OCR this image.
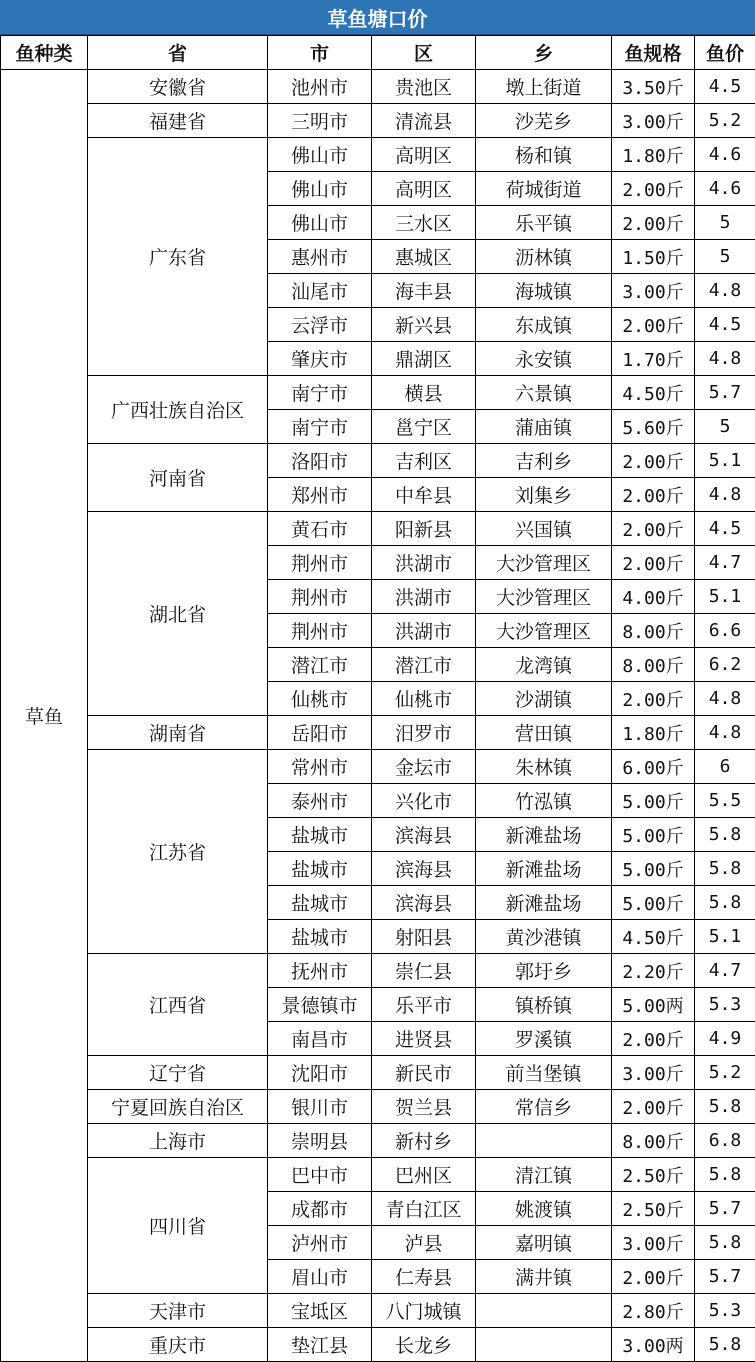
草鱼塘口价
鱼种类	省	市	区	乡	鱼规格	鱼价
草鱼	安徽省	池州市	贵池区	墩上街道	3.50斤	4.5
	福建省	三明市	清流县	沙芜乡	3.00斤	5.2
	广东省	佛山市	高明区	杨和镇	1.80斤	4.6
		佛山市	高明区	荷城街道	2.00斤	4.6
		佛山市	三水区	乐平镇	2.00斤	5
		惠州市	惠城区	沥林镇	1.50斤	5
		汕尾市	海丰县	海城镇	3.00斤	4.8
		云浮市	新兴县	东成镇	2.00斤	4.5
		肇庆市	鼎湖区	永安镇	1.70斤	4.8
	广西壮族自治区	南宁市	横县	六景镇	4.50斤	5.7
		南宁市	邕宁区	蒲庙镇	5.60斤	5
	河南省	洛阳市	吉利区	吉利乡	2.00斤	5.1
		郑州市	中牟县	刘集乡	2.00斤	4.8
	湖北省	黄石市	阳新县	兴国镇	2.00斤	4.5
		荆州市	洪湖市	大沙管理区	2.00斤	4.7
		荆州市	洪湖市	大沙管理区	4.00斤	5.1
		荆州市	洪湖市	大沙管理区	8.00斤	6.6
		潜江市	潜江市	龙湾镇	8.00斤	6.2
		仙桃市	仙桃市	沙湖镇	2.00斤	4.8
	湖南省	岳阳市	汨罗市	营田镇	1.80斤	4.8
	江苏省	常州市	金坛市	朱林镇	6.00斤	6
		泰州市	兴化市	竹泓镇	5.00斤	5.5
		盐城市	滨海县	新滩盐场	5.00斤	5.8
		盐城市	滨海县	新滩盐场	5.00斤	5.8
		盐城市	滨海县	新滩盐场	5.00斤	5.8
		盐城市	射阳县	黄沙港镇	4.50斤	5.1
	江西省	抚州市	崇仁县	郭圩乡	2.20斤	4.7
		景德镇市	乐平市	镇桥镇	5.00两	5.3
		南昌市	进贤县	罗溪镇	2.00斤	4.9
	辽宁省	沈阳市	新民市	前当堡镇	3.00斤	5.2
	宁夏回族自治区	银川市	贺兰县	常信乡	2.00斤	5.8
	上海市	崇明县	新村乡		8.00斤	6.8
	四川省	巴中市	巴州区	清江镇	2.50斤	5.8
		成都市	青白江区	姚渡镇	2.50斤	5.7
		泸州市	泸县	嘉明镇	3.00斤	5.8
		眉山市	仁寿县	满井镇	2.00斤	5.7
	天津市	宝坻区	八门城镇		2.80斤	5.3
	重庆市	垫江县	长龙乡		3.00两	5.8
